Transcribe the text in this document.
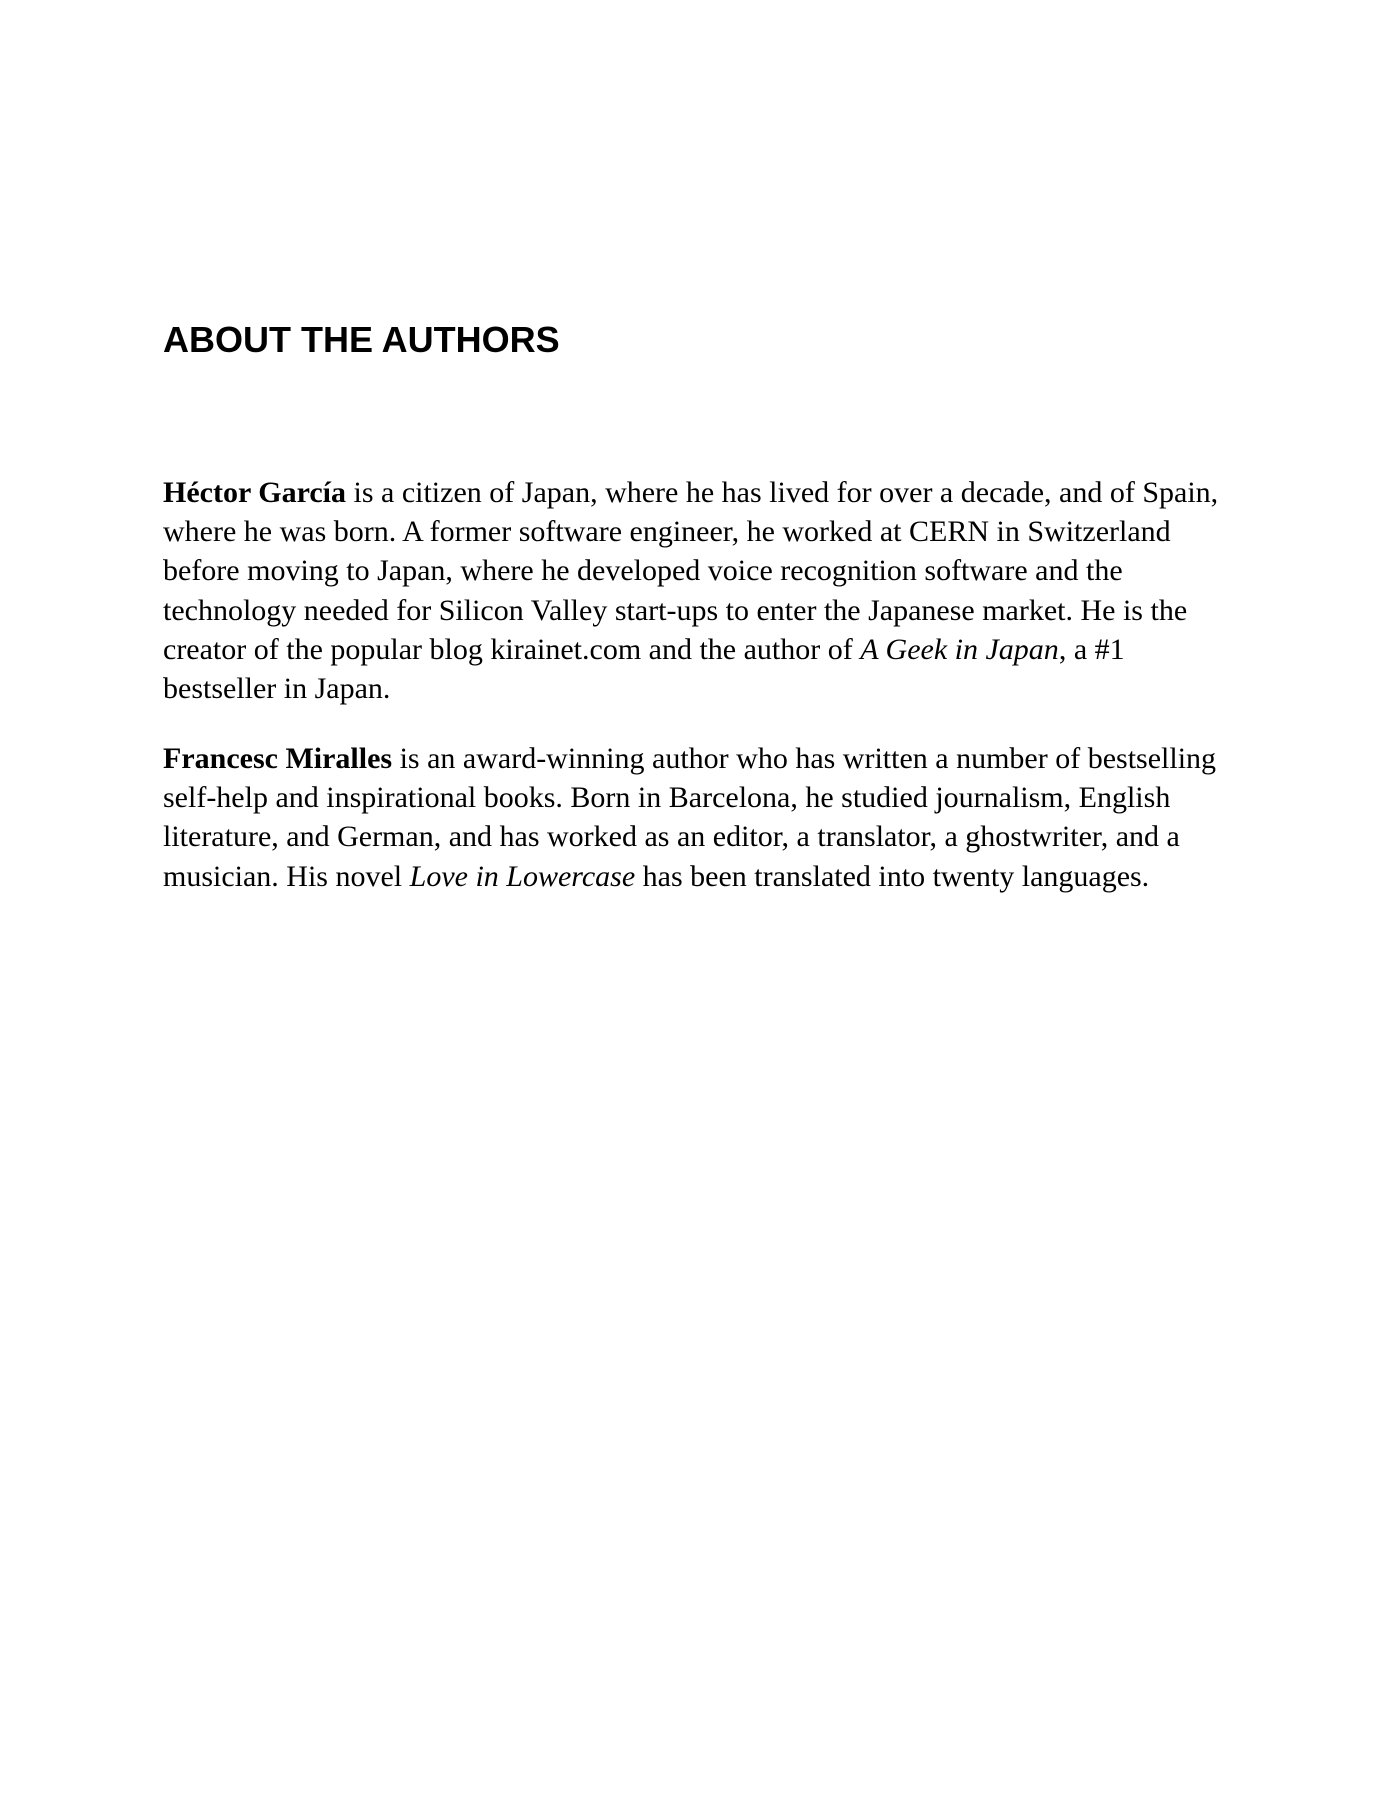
ABOUT THE AUTHORS

Héctor García is a citizen of Japan, where he has lived for over a decade, and of Spain, where he was born. A former software engineer, he worked at CERN in Switzerland before moving to Japan, where he developed voice recognition software and the technology needed for Silicon Valley start-ups to enter the Japanese market. He is the creator of the popular blog kirainet.com and the author of A Geek in Japan, a #1 bestseller in Japan.

Francesc Miralles is an award-winning author who has written a number of bestselling self-help and inspirational books. Born in Barcelona, he studied journalism, English literature, and German, and has worked as an editor, a translator, a ghostwriter, and a musician. His novel Love in Lowercase has been translated into twenty languages.
